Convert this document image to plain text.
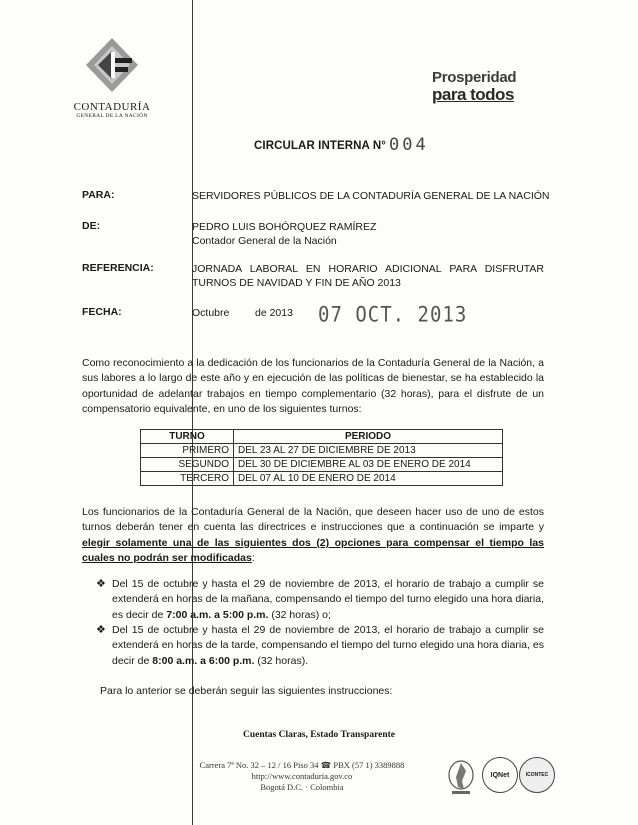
CONTADURÍA
GENERAL DE LA NACIÓN
Prosperidad
para todos
CIRCULAR INTERNA N° 004
PARA:	SERVIDORES PÚBLICOS DE LA CONTADURÍA GENERAL DE LA NACIÓN
DE:	PEDRO LUIS BOHÓRQUEZ RAMÍREZ
Contador General de la Nación
REFERENCIA:	JORNADA LABORAL EN HORARIO ADICIONAL PARA DISFRUTAR TURNOS DE NAVIDAD Y FIN DE AÑO 2013
FECHA:	Octubre de 2013 07 OCT. 2013
Como reconocimiento a la dedicación de los funcionarios de la Contaduría General de la Nación, a sus labores a lo largo de este año y en ejecución de las políticas de bienestar, se ha establecido la oportunidad de adelantar trabajos en tiempo complementario (32 horas), para el disfrute de un compensatorio equivalente, en uno de los siguientes turnos:
TURNO	PERIODO
PRIMERO	DEL 23 AL 27 DE DICIEMBRE DE 2013
SEGUNDO	DEL 30 DE DICIEMBRE AL 03 DE ENERO DE 2014
TERCERO	DEL 07 AL 10 DE ENERO DE 2014
Los funcionarios de la Contaduría General de la Nación, que deseen hacer uso de uno de estos turnos deberán tener en cuenta las directrices e instrucciones que a continuación se imparte y elegir solamente una de las siguientes dos (2) opciones para compensar el tiempo las cuales no podrán ser modificadas:
❖ Del 15 de octubre y hasta el 29 de noviembre de 2013, el horario de trabajo a cumplir se extenderá en horas de la mañana, compensando el tiempo del turno elegido una hora diaria, es decir de 7:00 a.m. a 5:00 p.m. (32 horas) o;
❖ Del 15 de octubre y hasta el 29 de noviembre de 2013, el horario de trabajo a cumplir se extenderá en horas de la tarde, compensando el tiempo del turno elegido una hora diaria, es decir de 8:00 a.m. a 6:00 p.m. (32 horas).
Para lo anterior se deberán seguir las siguientes instrucciones:
Cuentas Claras, Estado Transparente
Carrera 7ª No. 32 – 12 / 16 Piso 34 ☎ PBX (57 1) 3389888
http://www.contaduria.gov.co
Bogotá D.C. · Colombia
IQNet	ICONTEC
